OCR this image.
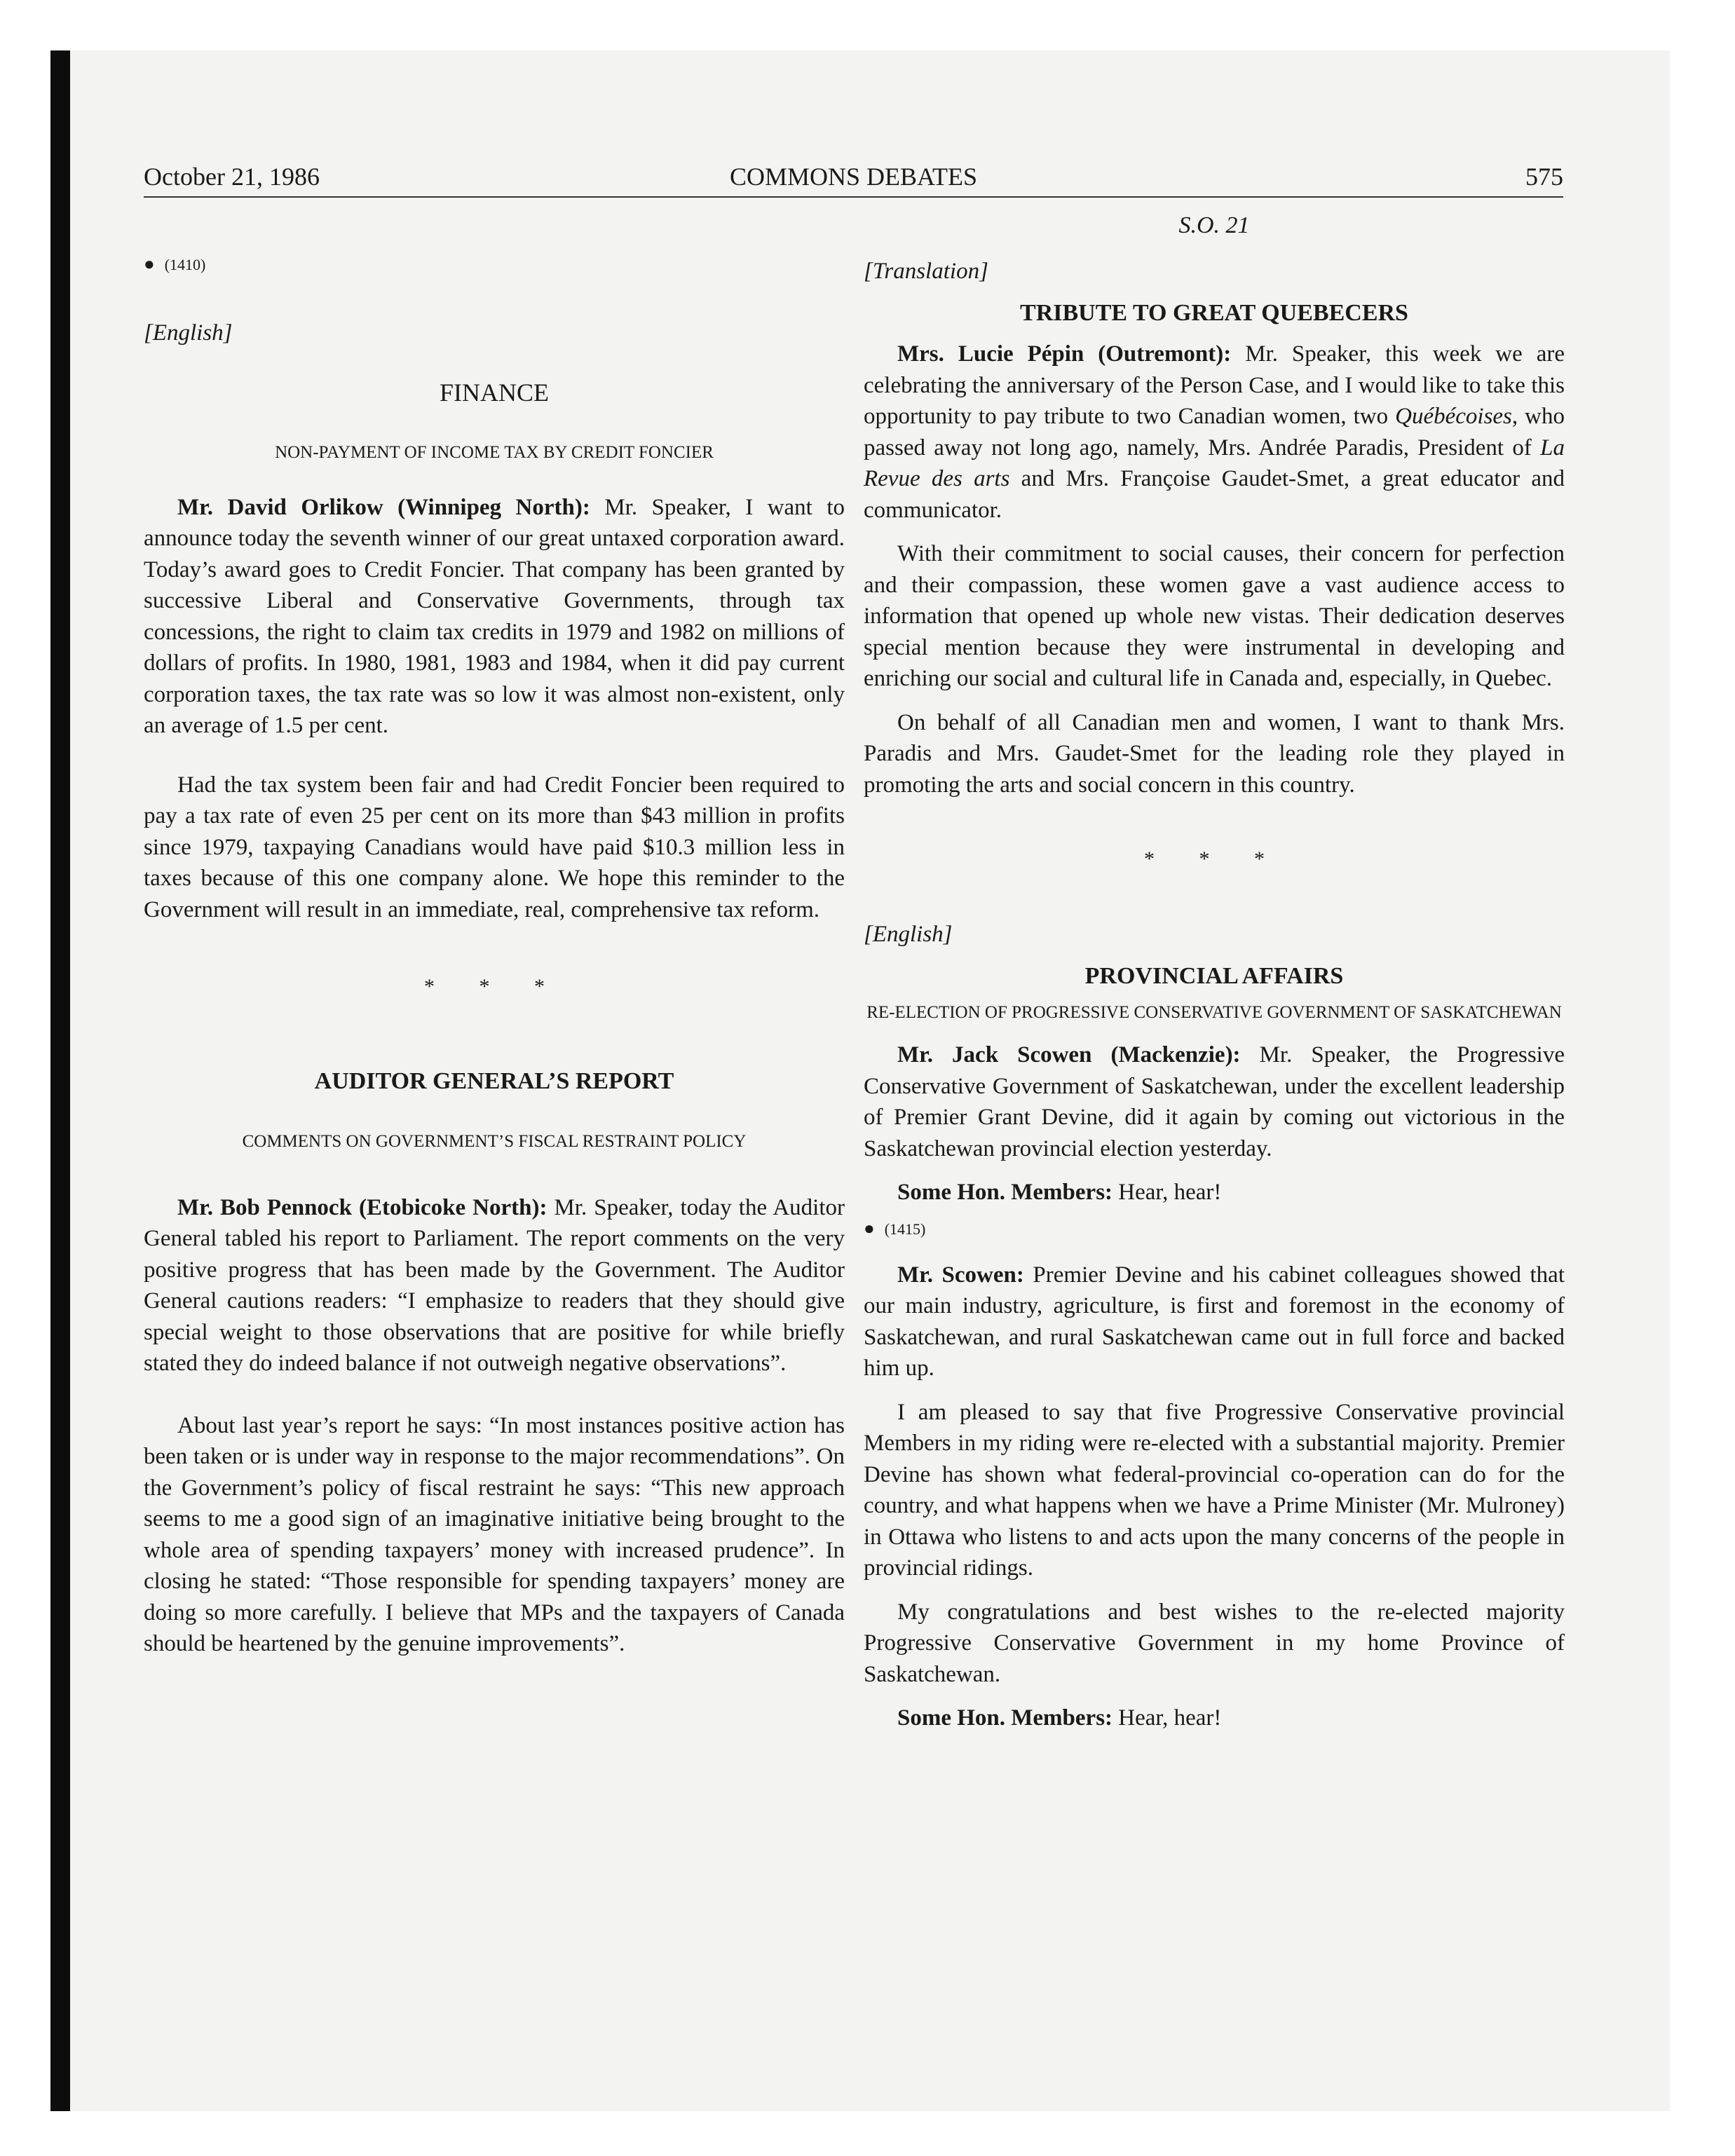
October 21, 1986	COMMONS DEBATES	575
● (1410)

[English]

FINANCE
NON-PAYMENT OF INCOME TAX BY CREDIT FONCIER

Mr. David Orlikow (Winnipeg North): Mr. Speaker, I want to announce today the seventh winner of our great untaxed corporation award. Today’s award goes to Credit Foncier. That company has been granted by successive Liberal and Conservative Governments, through tax concessions, the right to claim tax credits in 1979 and 1982 on millions of dollars of profits. In 1980, 1981, 1983 and 1984, when it did pay current corporation taxes, the tax rate was so low it was almost non-existent, only an average of 1.5 per cent.

Had the tax system been fair and had Credit Foncier been required to pay a tax rate of even 25 per cent on its more than $43 million in profits since 1979, taxpaying Canadians would have paid $10.3 million less in taxes because of this one company alone. We hope this reminder to the Government will result in an immediate, real, comprehensive tax reform.

* * *
AUDITOR GENERAL’S REPORT
COMMENTS ON GOVERNMENT’S FISCAL RESTRAINT POLICY

Mr. Bob Pennock (Etobicoke North): Mr. Speaker, today the Auditor General tabled his report to Parliament. The report comments on the very positive progress that has been made by the Government. The Auditor General cautions readers: “I emphasize to readers that they should give special weight to those observations that are positive for while briefly stated they do indeed balance if not outweigh negative observations”.

About last year’s report he says: “In most instances positive action has been taken or is under way in response to the major recommendations”. On the Government’s policy of fiscal restraint he says: “This new approach seems to me a good sign of an imaginative initiative being brought to the whole area of spending taxpayers’ money with increased prudence”. In closing he stated: “Those responsible for spending taxpayers’ money are doing so more carefully. I believe that MPs and the taxpayers of Canada should be heartened by the genuine improvements”.

S.O. 21

[Translation]

TRIBUTE TO GREAT QUEBECERS

Mrs. Lucie Pépin (Outremont): Mr. Speaker, this week we are celebrating the anniversary of the Person Case, and I would like to take this opportunity to pay tribute to two Canadian women, two Québécoises, who passed away not long ago, namely, Mrs. Andrée Paradis, President of La Revue des arts and Mrs. Françoise Gaudet-Smet, a great educator and communicator.

With their commitment to social causes, their concern for perfection and their compassion, these women gave a vast audience access to information that opened up whole new vistas. Their dedication deserves special mention because they were instrumental in developing and enriching our social and cultural life in Canada and, especially, in Quebec.

On behalf of all Canadian men and women, I want to thank Mrs. Paradis and Mrs. Gaudet-Smet for the leading role they played in promoting the arts and social concern in this country.

* * *

[English]

PROVINCIAL AFFAIRS
RE-ELECTION OF PROGRESSIVE CONSERVATIVE GOVERNMENT OF SASKATCHEWAN

Mr. Jack Scowen (Mackenzie): Mr. Speaker, the Progressive Conservative Government of Saskatchewan, under the excellent leadership of Premier Grant Devine, did it again by coming out victorious in the Saskatchewan provincial election yesterday.

Some Hon. Members: Hear, hear!

● (1415)

Mr. Scowen: Premier Devine and his cabinet colleagues showed that our main industry, agriculture, is first and foremost in the economy of Saskatchewan, and rural Saskatchewan came out in full force and backed him up.

I am pleased to say that five Progressive Conservative provincial Members in my riding were re-elected with a substantial majority. Premier Devine has shown what federal-provincial co-operation can do for the country, and what happens when we have a Prime Minister (Mr. Mulroney) in Ottawa who listens to and acts upon the many concerns of the people in provincial ridings.

My congratulations and best wishes to the re-elected majority Progressive Conservative Government in my home Province of Saskatchewan.

Some Hon. Members: Hear, hear!
